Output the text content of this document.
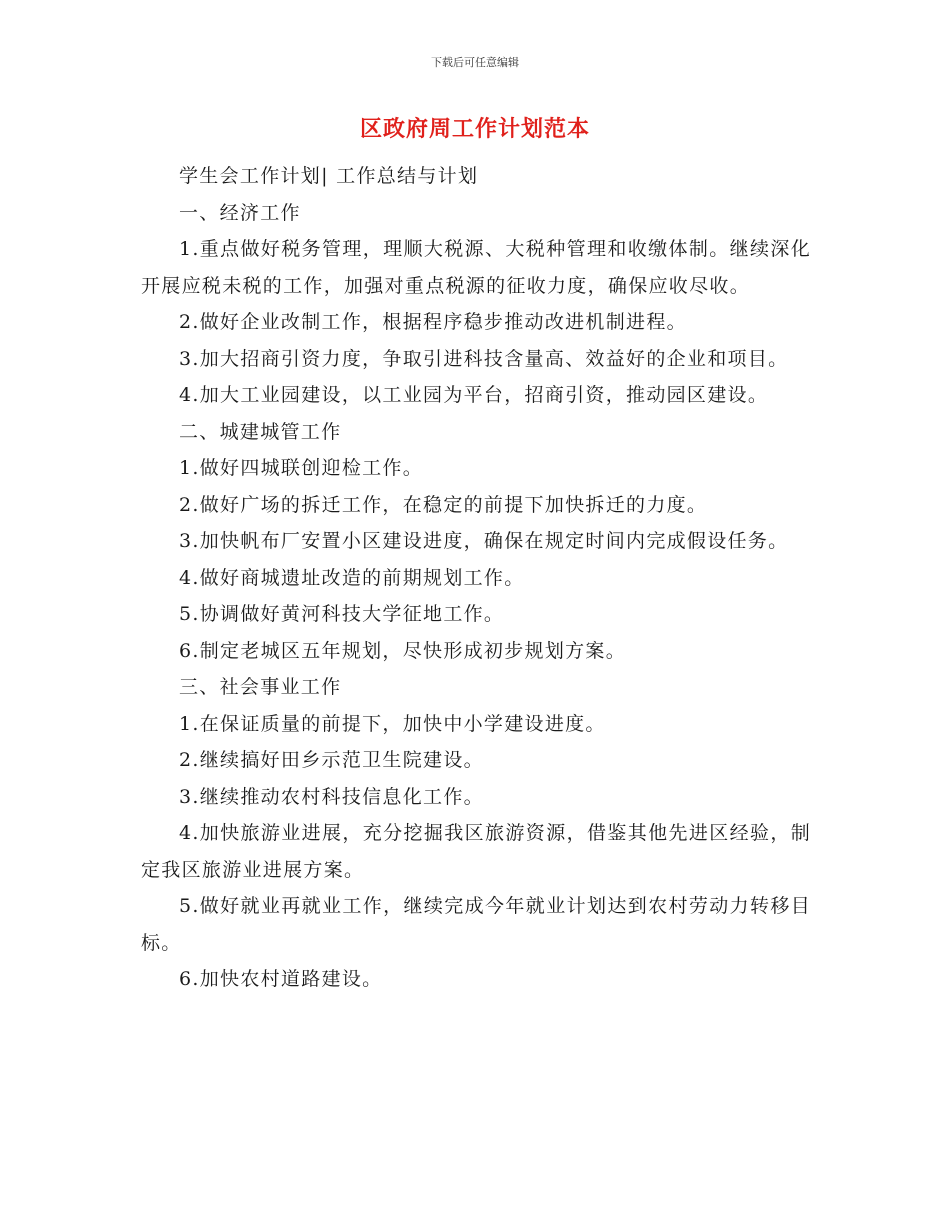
下载后可任意编辑
区政府周工作计划范本

学生会工作计划| 工作总结与计划

一、经济工作

1.重点做好税务管理，理顺大税源、大税种管理和收缴体制。继续深化开展应税未税的工作，加强对重点税源的征收力度，确保应收尽收。

2.做好企业改制工作，根据程序稳步推动改进机制进程。

3.加大招商引资力度，争取引进科技含量高、效益好的企业和项目。

4.加大工业园建设，以工业园为平台，招商引资，推动园区建设。

二、城建城管工作

1.做好四城联创迎检工作。

2.做好广场的拆迁工作，在稳定的前提下加快拆迁的力度。

3.加快帆布厂安置小区建设进度，确保在规定时间内完成假设任务。

4.做好商城遗址改造的前期规划工作。

5.协调做好黄河科技大学征地工作。

6.制定老城区五年规划，尽快形成初步规划方案。

三、社会事业工作

1.在保证质量的前提下，加快中小学建设进度。

2.继续搞好田乡示范卫生院建设。

3.继续推动农村科技信息化工作。

4.加快旅游业进展，充分挖掘我区旅游资源，借鉴其他先进区经验，制定我区旅游业进展方案。

5.做好就业再就业工作，继续完成今年就业计划达到农村劳动力转移目标。

6.加快农村道路建设。
